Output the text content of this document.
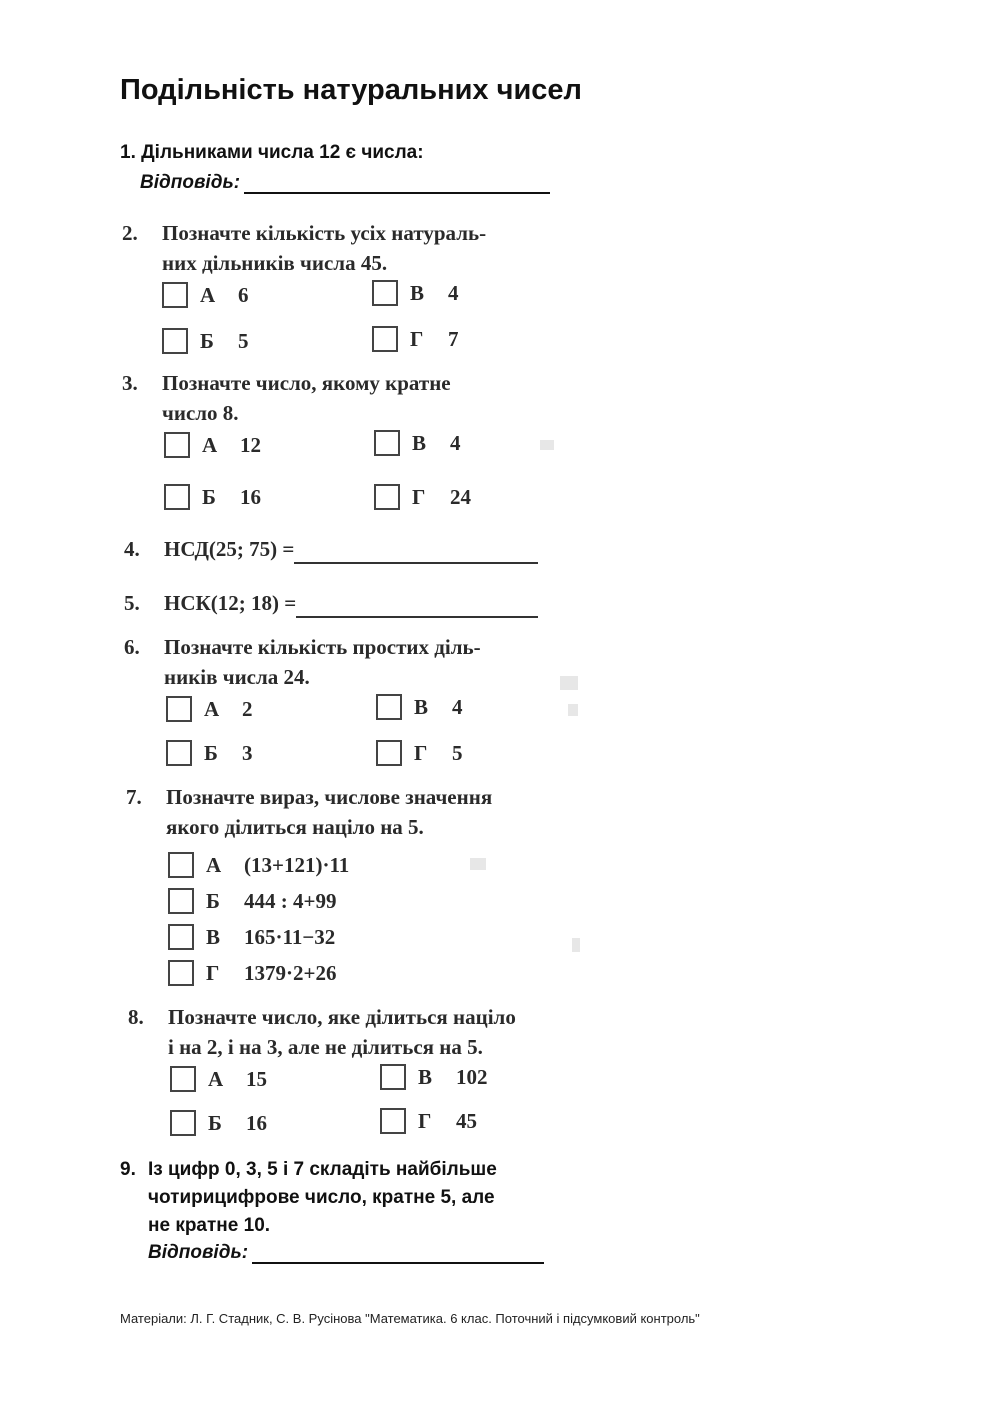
Подільність натуральних чисел
1. Дільниками числа 12 є числа:
Відповідь:
2. Позначте кількість усіх натураль-
них дільників числа 45.
А	6	В	4
Б	5	Г	7
3. Позначте число, якому кратне
число 8.
А	12	В	4
Б	16	Г	24
4. НСД(25; 75) =
5. НСК(12; 18) =
6. Позначте кількість простих діль-
ників числа 24.
А	2	В	4
Б	3	Г	5
7. Позначте вираз, числове значення
якого ділиться націло на 5.
А	(13+121)·11
Б	444 : 4+99
В	165·11−32
Г	1379·2+26
8. Позначте число, яке ділиться націло
і на 2, і на 3, але не ділиться на 5.
А	15	В	102
Б	16	Г	45
9. Із цифр 0, 3, 5 і 7 складіть найбільше
чотирицифрове число, кратне 5, але
не кратне 10.
Відповідь:
Матеріали: Л. Г. Стадник, С. В. Русінова "Математика. 6 клас. Поточний і підсумковий контроль"
